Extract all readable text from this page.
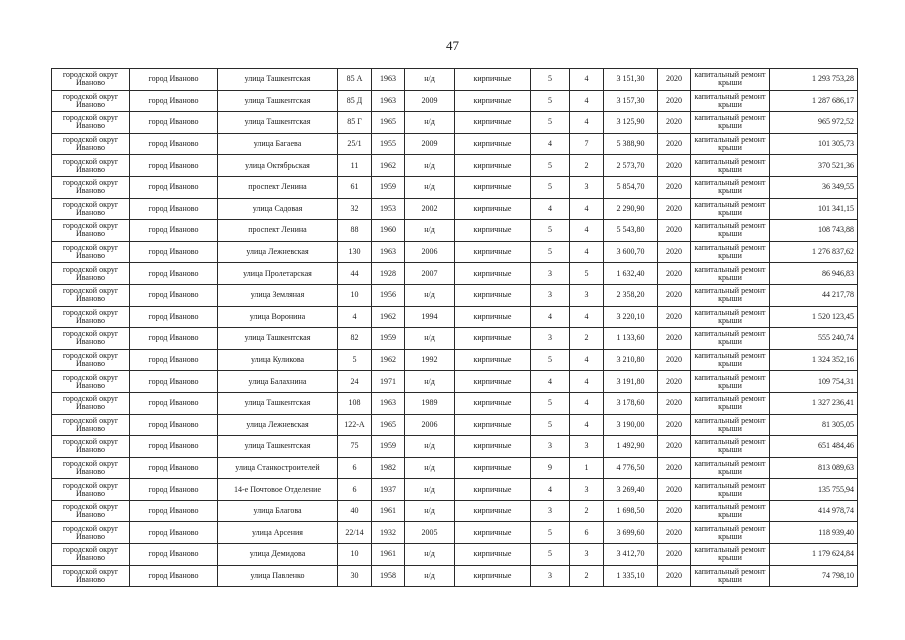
47
городской округ Иваново	город Иваново	улица Ташкентская	85 А	1963	н/д	кирпичные	5	4	3 151,30	2020	капитальный ремонт крыши	1 293 753,28
городской округ Иваново	город Иваново	улица Ташкентская	85 Д	1963	2009	кирпичные	5	4	3 157,30	2020	капитальный ремонт крыши	1 287 686,17
городской округ Иваново	город Иваново	улица Ташкентская	85 Г	1965	н/д	кирпичные	5	4	3 125,90	2020	капитальный ремонт крыши	965 972,52
городской округ Иваново	город Иваново	улица Багаева	25/1	1955	2009	кирпичные	4	7	5 388,90	2020	капитальный ремонт крыши	101 305,73
городской округ Иваново	город Иваново	улица Октябрьская	11	1962	н/д	кирпичные	5	2	2 573,70	2020	капитальный ремонт крыши	370 521,36
городской округ Иваново	город Иваново	проспект Ленина	61	1959	н/д	кирпичные	5	3	5 854,70	2020	капитальный ремонт крыши	36 349,55
городской округ Иваново	город Иваново	улица Садовая	32	1953	2002	кирпичные	4	4	2 290,90	2020	капитальный ремонт крыши	101 341,15
городской округ Иваново	город Иваново	проспект Ленина	88	1960	н/д	кирпичные	5	4	5 543,80	2020	капитальный ремонт крыши	108 743,88
городской округ Иваново	город Иваново	улица Лежневская	130	1963	2006	кирпичные	5	4	3 600,70	2020	капитальный ремонт крыши	1 276 837,62
городской округ Иваново	город Иваново	улица Пролетарская	44	1928	2007	кирпичные	3	5	1 632,40	2020	капитальный ремонт крыши	86 946,83
городской округ Иваново	город Иваново	улица Земляная	10	1956	н/д	кирпичные	3	3	2 358,20	2020	капитальный ремонт крыши	44 217,78
городской округ Иваново	город Иваново	улица Воронина	4	1962	1994	кирпичные	4	4	3 220,10	2020	капитальный ремонт крыши	1 520 123,45
городской округ Иваново	город Иваново	улица Ташкентская	82	1959	н/д	кирпичные	3	2	1 133,60	2020	капитальный ремонт крыши	555 240,74
городской округ Иваново	город Иваново	улица Куликова	5	1962	1992	кирпичные	5	4	3 210,80	2020	капитальный ремонт крыши	1 324 352,16
городской округ Иваново	город Иваново	улица Балахнина	24	1971	н/д	кирпичные	4	4	3 191,80	2020	капитальный ремонт крыши	109 754,31
городской округ Иваново	город Иваново	улица Ташкентская	108	1963	1989	кирпичные	5	4	3 178,60	2020	капитальный ремонт крыши	1 327 236,41
городской округ Иваново	город Иваново	улица Лежневская	122-А	1965	2006	кирпичные	5	4	3 190,00	2020	капитальный ремонт крыши	81 305,05
городской округ Иваново	город Иваново	улица Ташкентская	75	1959	н/д	кирпичные	3	3	1 492,90	2020	капитальный ремонт крыши	651 484,46
городской округ Иваново	город Иваново	улица Станкостроителей	6	1982	н/д	кирпичные	9	1	4 776,50	2020	капитальный ремонт крыши	813 089,63
городской округ Иваново	город Иваново	14-е Почтовое Отделение	6	1937	н/д	кирпичные	4	3	3 269,40	2020	капитальный ремонт крыши	135 755,94
городской округ Иваново	город Иваново	улица Благова	40	1961	н/д	кирпичные	3	2	1 698,50	2020	капитальный ремонт крыши	414 978,74
городской округ Иваново	город Иваново	улица Арсения	22/14	1932	2005	кирпичные	5	6	3 699,60	2020	капитальный ремонт крыши	118 939,40
городской округ Иваново	город Иваново	улица Демидова	10	1961	н/д	кирпичные	5	3	3 412,70	2020	капитальный ремонт крыши	1 179 624,84
городской округ Иваново	город Иваново	улица Павленко	30	1958	н/д	кирпичные	3	2	1 335,10	2020	капитальный ремонт крыши	74 798,10
